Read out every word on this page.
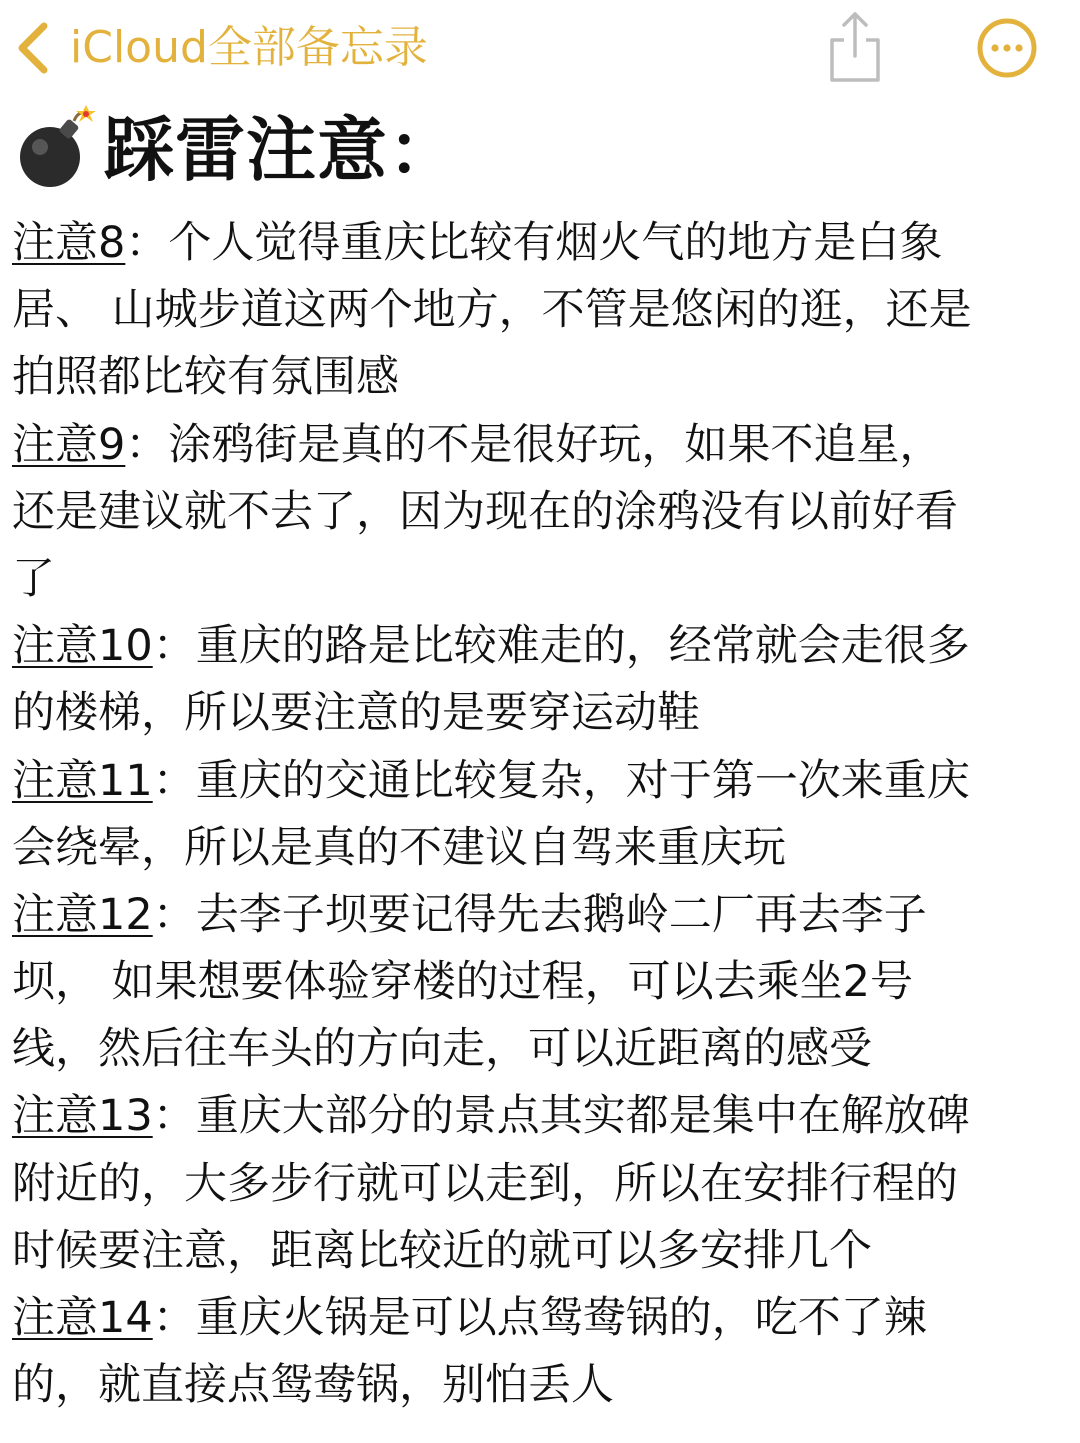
iCloud全部备忘录
踩雷注意：
注意8：个人觉得重庆比较有烟火气的地方是白象
居、 山城步道这两个地方，不管是悠闲的逛，还是
拍照都比较有氛围感
注意9：涂鸦街是真的不是很好玩，如果不追星，
还是建议就不去了，因为现在的涂鸦没有以前好看
了
注意10：重庆的路是比较难走的，经常就会走很多
的楼梯，所以要注意的是要穿运动鞋
注意11：重庆的交通比较复杂，对于第一次来重庆
会绕晕，所以是真的不建议自驾来重庆玩
注意12：去李子坝要记得先去鹅岭二厂再去李子
坝， 如果想要体验穿楼的过程，可以去乘坐2号
线，然后往车头的方向走，可以近距离的感受
注意13：重庆大部分的景点其实都是集中在解放碑
附近的，大多步行就可以走到，所以在安排行程的
时候要注意，距离比较近的就可以多安排几个
注意14：重庆火锅是可以点鸳鸯锅的，吃不了辣
的，就直接点鸳鸯锅，别怕丢人
